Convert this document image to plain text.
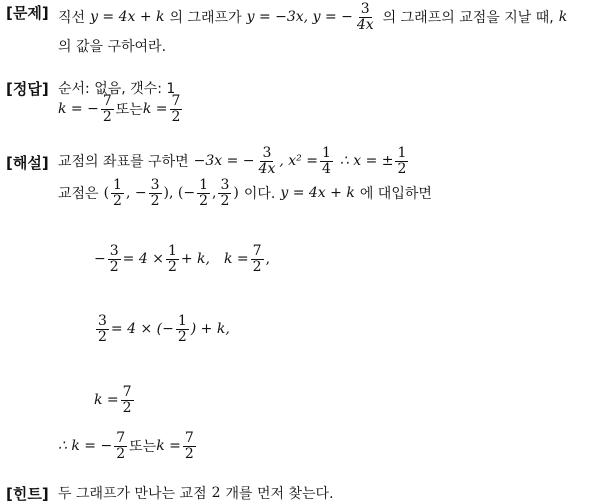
[문제]
[정답]
[해설]
[힌트]
직선 y = 4x + k 의 그래프가 y = −3x, y = − $\frac{3}{4x}$ 의 그래프의 교점을 지날 때, k
의 값을 구하여라.
순서: 없음, 갯수: 1
k = − $\frac{7}{2}$ 또는 $k = \frac{7}{2}$
교점의 좌표를 구하면 −3x = − $\frac{3}{4x}$ , $x^2 = \frac{1}{4}$ ∴ x = ± $\frac{1}{2}$
교점은 ( $\frac{1}{2}$ , − $\frac{3}{2}$ ), (− $\frac{1}{2}$ , $\frac{3}{2}$ ) 이다. y = 4x + k 에 대입하면
− $\frac{3}{2} = 4 \times \frac{1}{2} + k$, $k = \frac{7}{2}$ ,
$\frac{3}{2} = 4$ × (− $\frac{1}{2}$ ) + k,
$k = \frac{7}{2}$
∴ k = − $\frac{7}{2}$ 또는 $k = \frac{7}{2}$
두 그래프가 만나는 교점 2 개를 먼저 찾는다.
